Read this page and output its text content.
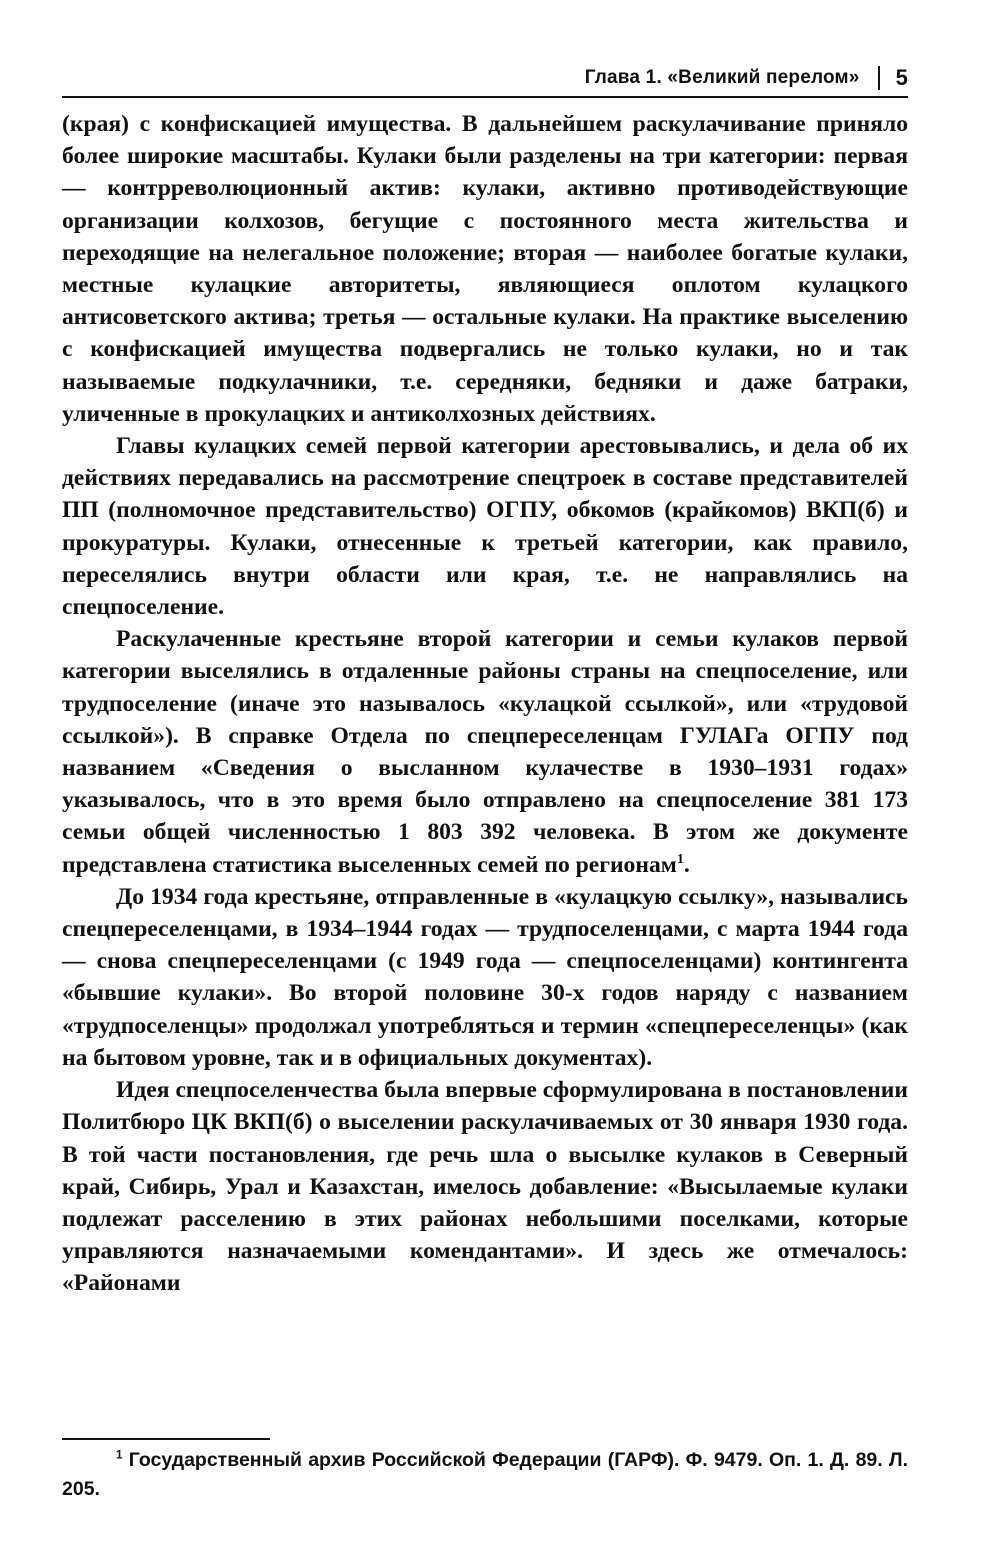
Глава 1. «Великий перелом» 5

(края) с конфискацией имущества. В дальнейшем раскулачивание приняло более широкие масштабы. Кулаки были разделены на три категории: первая — контрреволюционный актив: кулаки, активно противодействующие организации колхозов, бегущие с постоянного места жительства и переходящие на нелегальное положение; вторая — наиболее богатые кулаки, местные кулацкие авторитеты, являющиеся оплотом кулацкого антисоветского актива; третья — остальные кулаки. На практике выселению с конфискацией имущества подвергались не только кулаки, но и так называемые подкулачники, т.е. середняки, бедняки и даже батраки, уличенные в прокулацких и антиколхозных действиях.

Главы кулацких семей первой категории арестовывались, и дела об их действиях передавались на рассмотрение спецтроек в составе представителей ПП (полномочное представительство) ОГПУ, обкомов (крайкомов) ВКП(б) и прокуратуры. Кулаки, отнесенные к третьей категории, как правило, переселялись внутри области или края, т.е. не направлялись на спецпоселение.

Раскулаченные крестьяне второй категории и семьи кулаков первой категории выселялись в отдаленные районы страны на спецпоселение, или трудпоселение (иначе это называлось «кулацкой ссылкой», или «трудовой ссылкой»). В справке Отдела по спецпереселенцам ГУЛАГа ОГПУ под названием «Сведения о высланном кулачестве в 1930–1931 годах» указывалось, что в это время было отправлено на спецпоселение 381 173 семьи общей численностью 1 803 392 человека. В этом же документе представлена статистика выселенных семей по регионам$^1$.

До 1934 года крестьяне, отправленные в «кулацкую ссылку», назывались спецпереселенцами, в 1934–1944 годах — трудпоселенцами, с марта 1944 года — снова спецпереселенцами (с 1949 года — спецпоселенцами) контингента «бывшие кулаки». Во второй половине 30-х годов наряду с названием «трудпоселенцы» продолжал употребляться и термин «спецпереселенцы» (как на бытовом уровне, так и в официальных документах).

Идея спецпоселенчества была впервые сформулирована в постановлении Политбюро ЦК ВКП(б) о выселении раскулачиваемых от 30 января 1930 года. В той части постановления, где речь шла о высылке кулаков в Северный край, Сибирь, Урал и Казахстан, имелось добавление: «Высылаемые кулаки подлежат расселению в этих районах небольшими поселками, которые управляются назначаемыми комендантами». И здесь же отмечалось: «Районами

$^1$ Государственный архив Российской Федерации (ГАРФ). Ф. 9479. Оп. 1. Д. 89. Л. 205.
